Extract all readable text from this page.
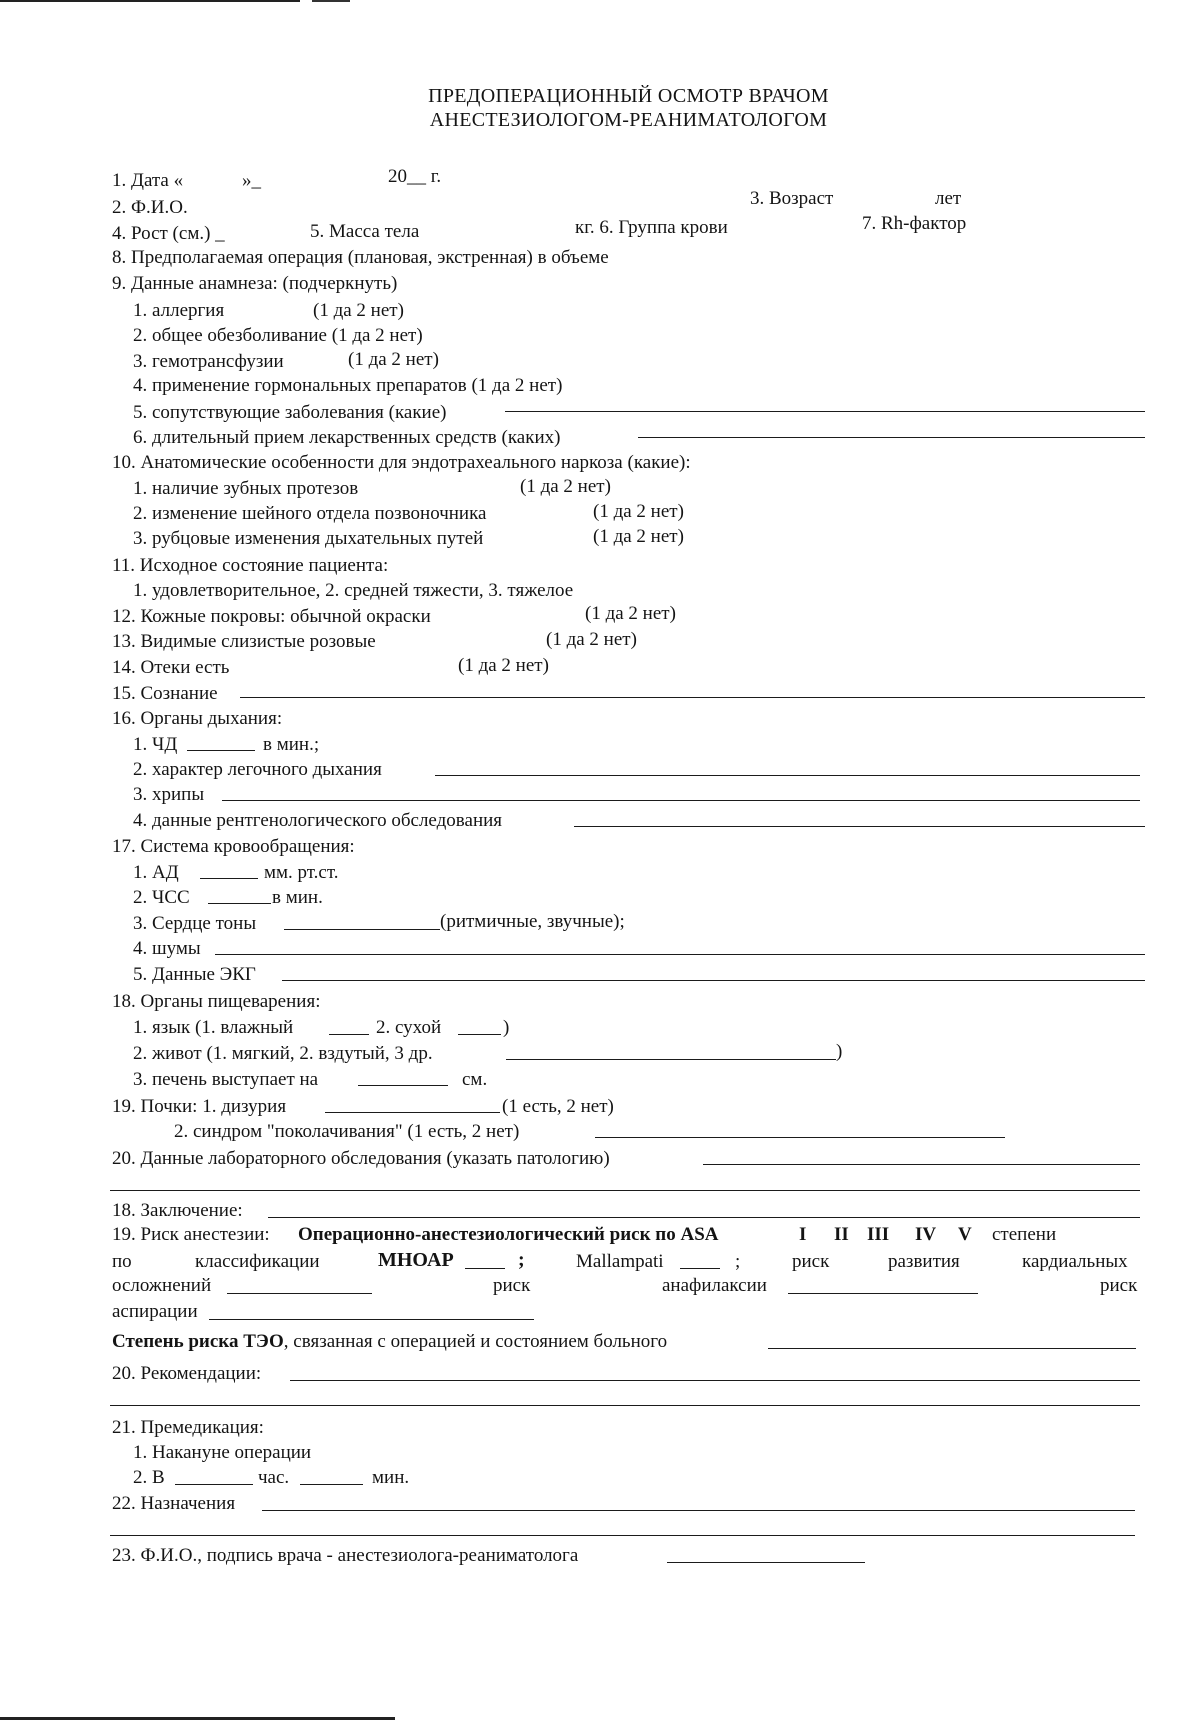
ПРЕДОПЕРАЦИОННЫЙ ОСМОТР ВРАЧОМ
АНЕСТЕЗИОЛОГОМ-РЕАНИМАТОЛОГОМ
1. Дата «	»_	20__ г.
2. Ф.И.О.	3. Возраст	лет
4. Рост (см.) _	5. Масса тела	кг. 6. Группа крови	7. Rh-фактор
8. Предполагаемая операция (плановая, экстренная) в объеме
9. Данные анамнеза: (подчеркнуть)
1. аллергия	(1 да 2 нет)
2. общее обезболивание (1 да 2 нет)
3. гемотрансфузии	(1 да 2 нет)
4. применение гормональных препаратов (1 да 2 нет)
5. сопутствующие заболевания (какие)
6. длительный прием лекарственных средств (каких)
10. Анатомические особенности для эндотрахеального наркоза (какие):
1. наличие зубных протезов	(1 да 2 нет)
2. изменение шейного отдела позвоночника	(1 да 2 нет)
3. рубцовые изменения дыхательных путей	(1 да 2 нет)
11. Исходное состояние пациента:
1. удовлетворительное, 2. средней тяжести, 3. тяжелое
12. Кожные покровы: обычной окраски	(1 да 2 нет)
13. Видимые слизистые розовые	(1 да 2 нет)
14. Отеки есть	(1 да 2 нет)
15. Сознание
16. Органы дыхания:
1. ЧД	в мин.;
2. характер легочного дыхания
3. хрипы
4. данные рентгенологического обследования
17. Система кровообращения:
1. АД	мм. рт.ст.
2. ЧСС	в мин.
3. Сердце тоны	(ритмичные, звучные);
4. шумы
5. Данные ЭКГ
18. Органы пищеварения:
1. язык (1. влажный	2. сухой	)
2. живот (1. мягкий, 2. вздутый, 3 др.	)
3. печень выступает на	см.
19. Почки: 1. дизурия	(1 есть, 2 нет)
2. синдром "поколачивания" (1 есть, 2 нет)
20. Данные лабораторного обследования (указать патологию)
18. Заключение:
19. Риск анестезии: Операционно-анестезиологический риск по ASA	I II III IV V степени
по	классификации	МНОАР	;	Mallampati	;	риск	развития	кардиальных
осложнений	риск	анафилаксии	риск
аспирации
Степень риска ТЭО, связанная с операцией и состоянием больного
20. Рекомендации:
21. Премедикация:
1. Накануне операции
2. В	час.	мин.
22. Назначения
23. Ф.И.О., подпись врача - анестезиолога-реаниматолога
